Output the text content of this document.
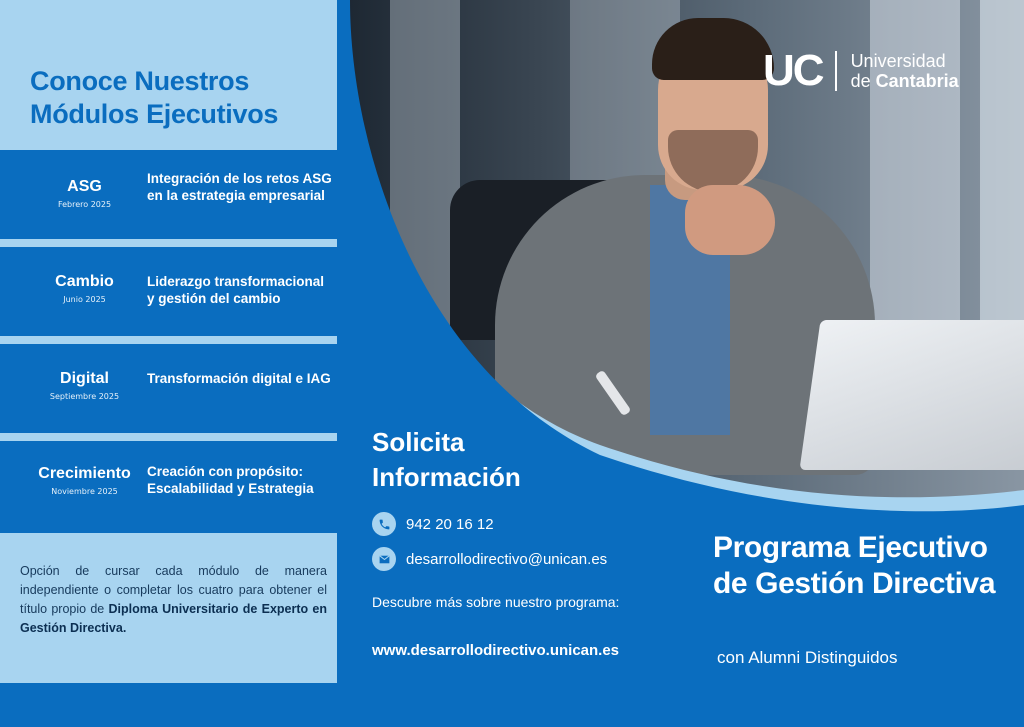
UC Universidad
de Cantabria
Conoce Nuestros Módulos Ejecutivos
ASG
Febrero 2025
Integración de los retos ASG en la estrategia empresarial
Cambio
Junio 2025
Liderazgo transformacional y gestión del cambio
Digital
Septiembre 2025
Transformación digital e IAG
Crecimiento
Noviembre 2025
Creación con propósito: Escalabilidad y Estrategia

Opción de cursar cada módulo de manera independiente o completar los cuatro para obtener el título propio de Diploma Universitario de Experto en Gestión Directiva.

Solicita Información
942 20 16 12
desarrollodirectivo@unican.es
Descubre más sobre nuestro programa:
www.desarrollodirectivo.unican.es
Programa Ejecutivo de Gestión Directiva
con Alumni Distinguidos
